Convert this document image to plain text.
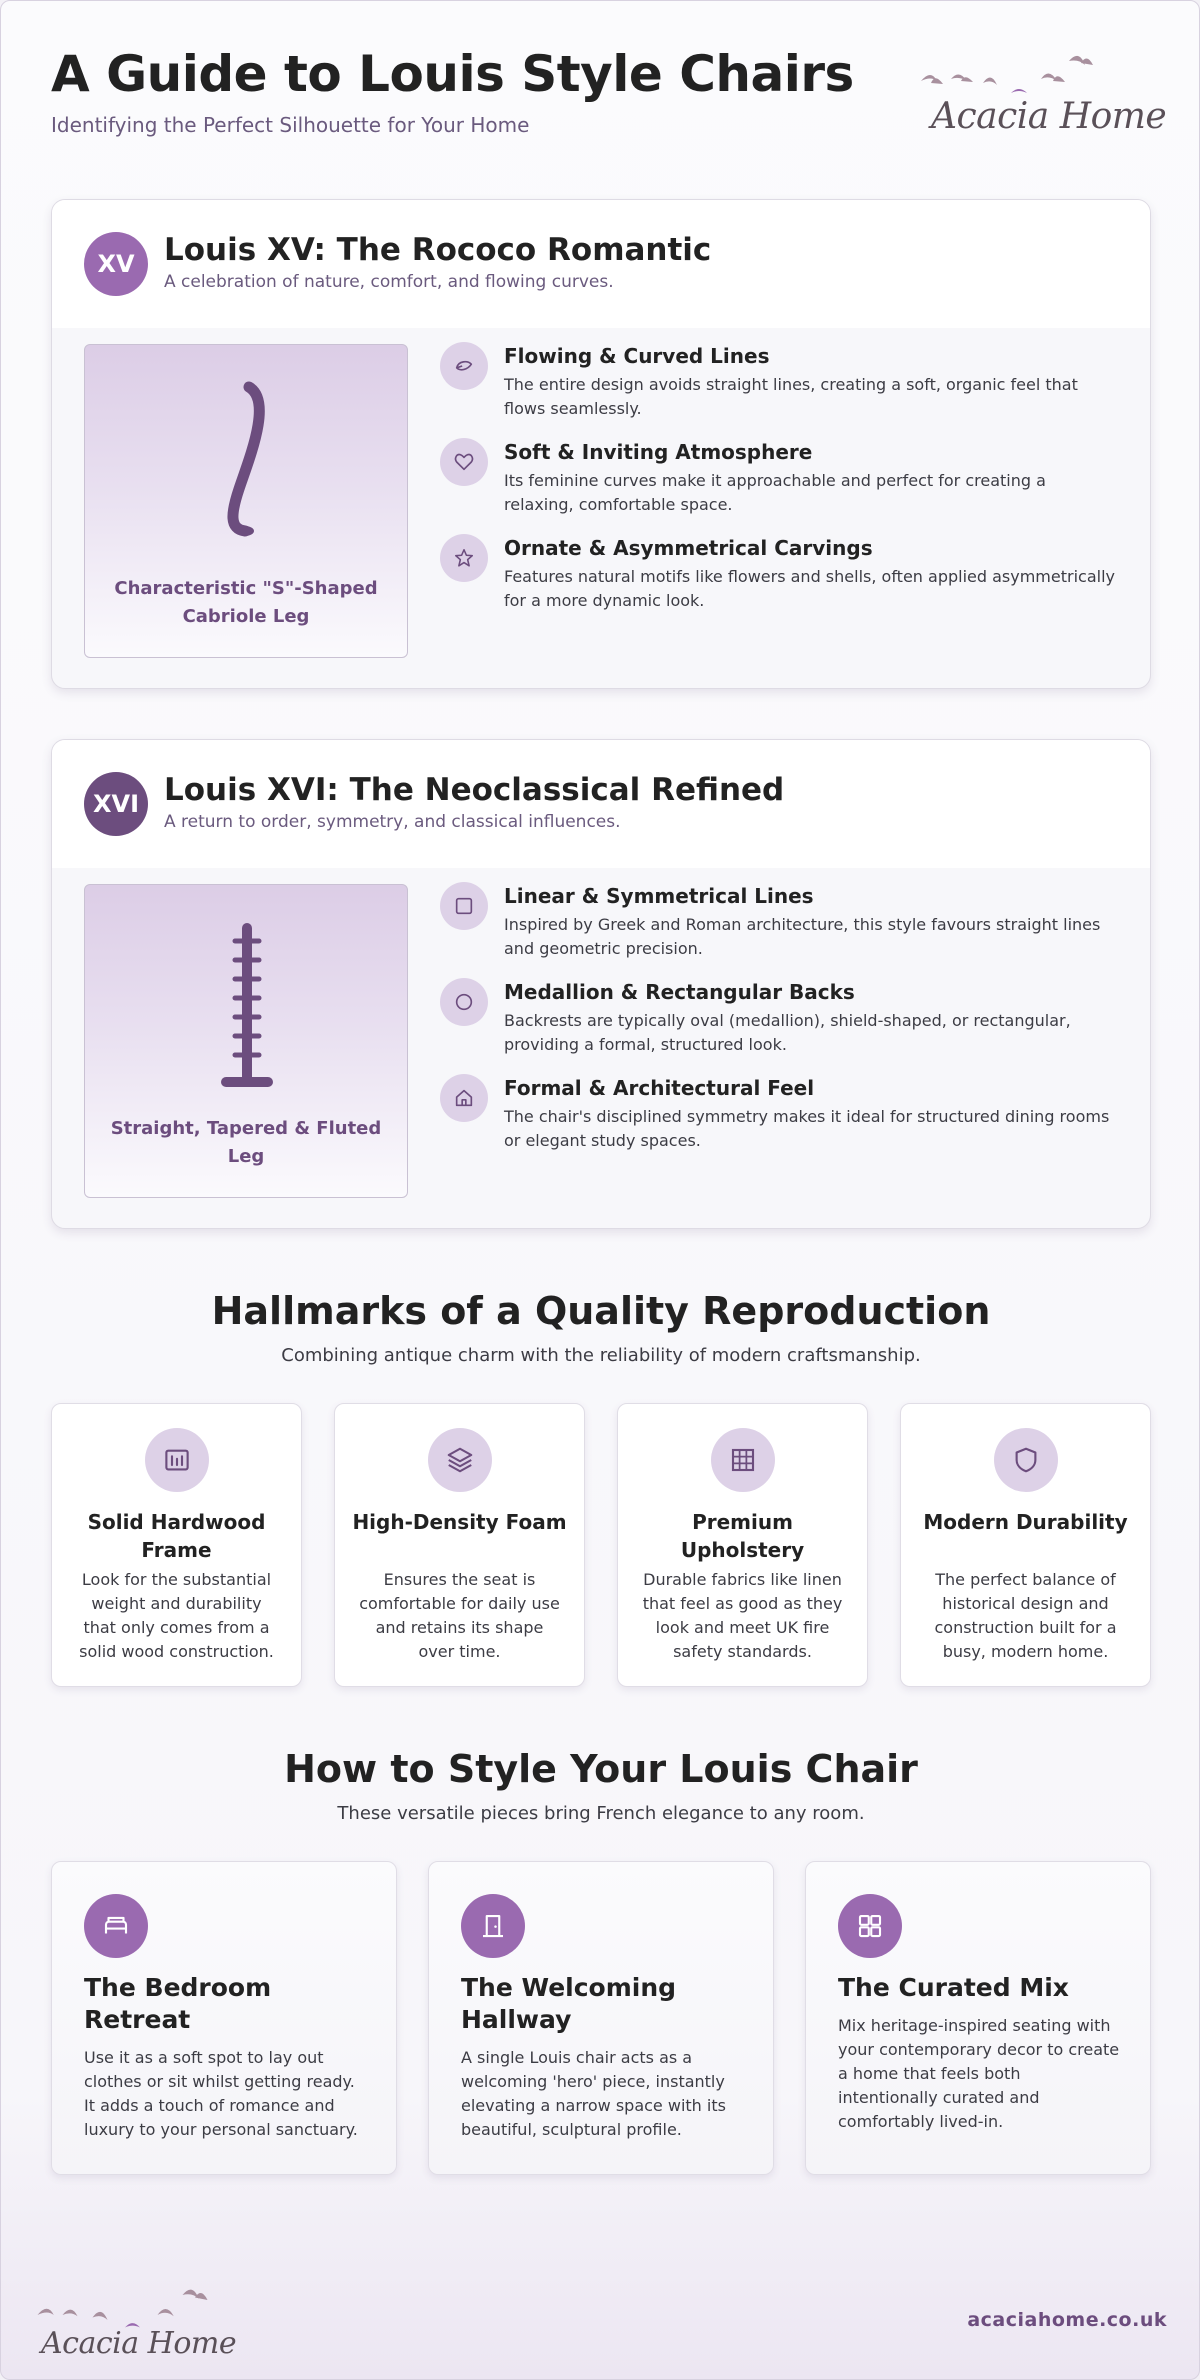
A Guide to Louis Style Chairs
Identifying the Perfect Silhouette for Your Home	Acacia Home
XV Louis XV: The Rococo Romantic
A celebration of nature, comfort, and flowing curves.
Characteristic "S"-Shaped Cabriole Leg
Flowing & Curved Lines
The entire design avoids straight lines, creating a soft, organic feel that flows seamlessly.
Soft & Inviting Atmosphere
Its feminine curves make it approachable and perfect for creating a relaxing, comfortable space.
Ornate & Asymmetrical Carvings
Features natural motifs like flowers and shells, often applied asymmetrically for a more dynamic look.
XVI Louis XVI: The Neoclassical Refined
A return to order, symmetry, and classical influences.
Straight, Tapered & Fluted Leg
Linear & Symmetrical Lines
Inspired by Greek and Roman architecture, this style favours straight lines and geometric precision.
Medallion & Rectangular Backs
Backrests are typically oval (medallion), shield-shaped, or rectangular, providing a formal, structured look.
Formal & Architectural Feel
The chair's disciplined symmetry makes it ideal for structured dining rooms or elegant study spaces.
Hallmarks of a Quality Reproduction
Combining antique charm with the reliability of modern craftsmanship.
Solid Hardwood Frame
Look for the substantial weight and durability that only comes from a solid wood construction.
High-Density Foam
Ensures the seat is comfortable for daily use and retains its shape over time.
Premium Upholstery
Durable fabrics like linen that feel as good as they look and meet UK fire safety standards.
Modern Durability
The perfect balance of historical design and construction built for a busy, modern home.
How to Style Your Louis Chair
These versatile pieces bring French elegance to any room.
The Bedroom Retreat
Use it as a soft spot to lay out clothes or sit whilst getting ready. It adds a touch of romance and luxury to your personal sanctuary.
The Welcoming Hallway
A single Louis chair acts as a welcoming 'hero' piece, instantly elevating a narrow space with its beautiful, sculptural profile.
The Curated Mix
Mix heritage-inspired seating with your contemporary decor to create a home that feels both intentionally curated and comfortably lived-in.
Acacia Home
acaciahome.co.uk
